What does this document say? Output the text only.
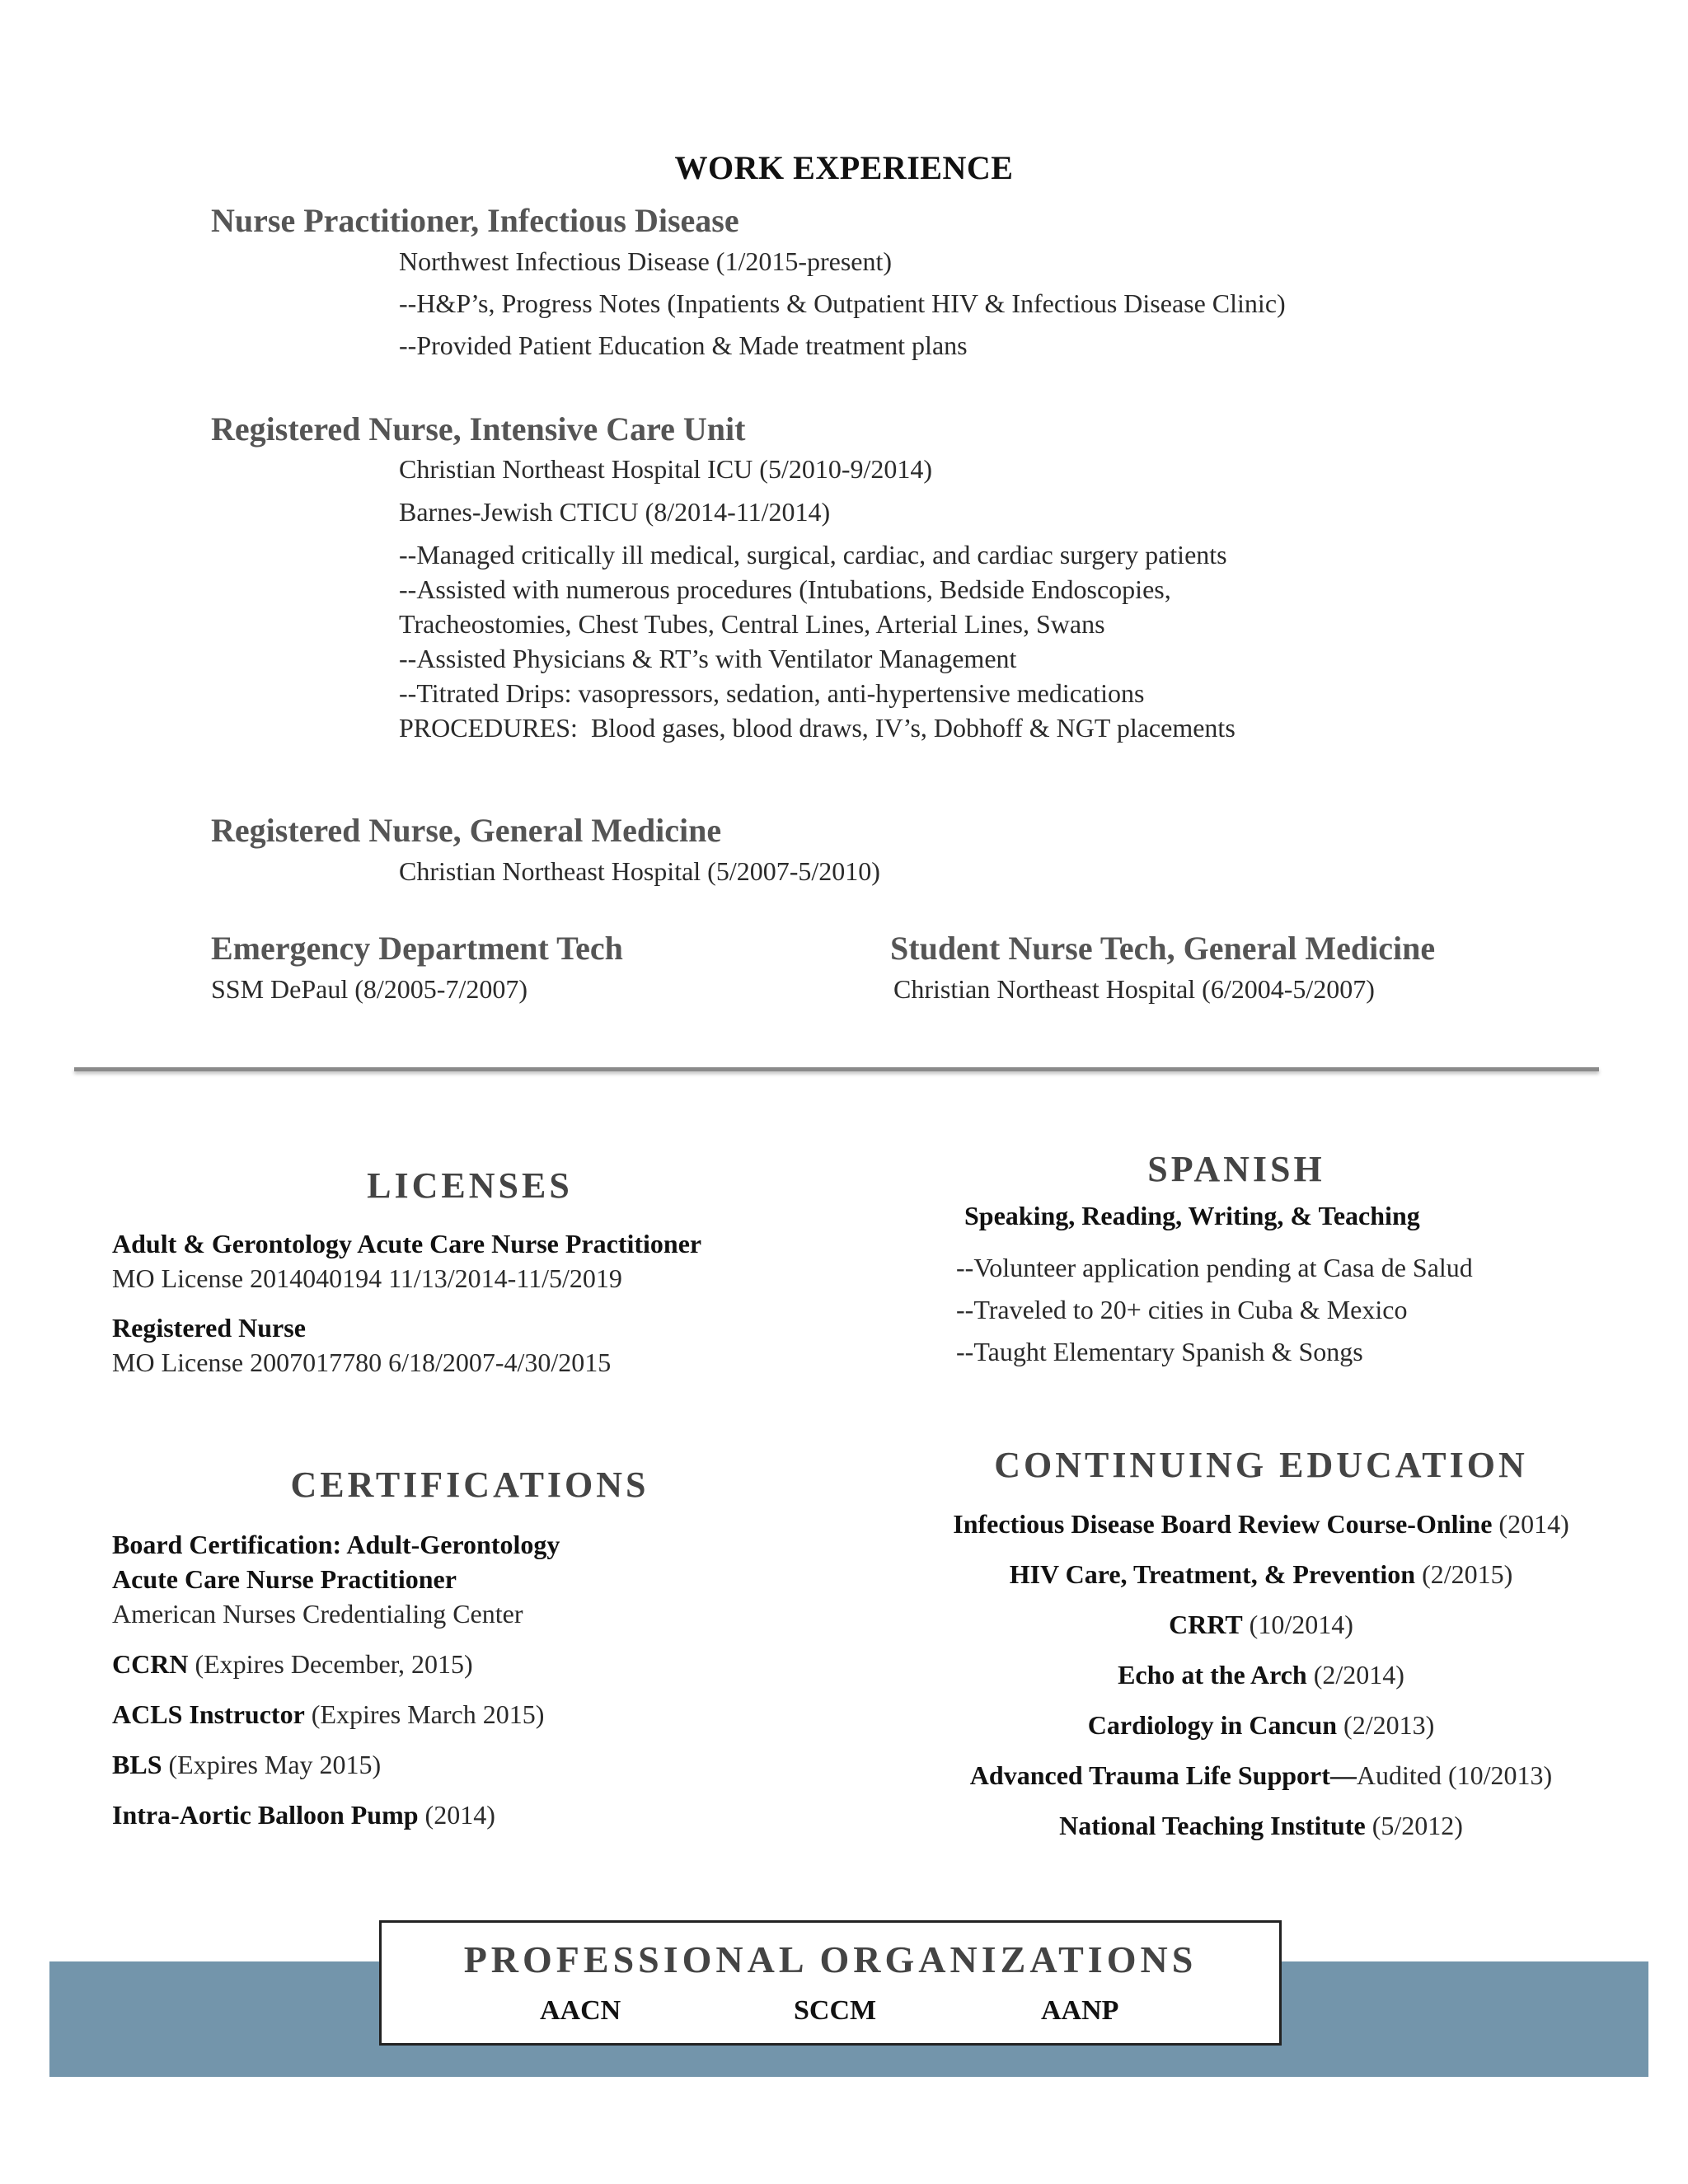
WORK EXPERIENCE
Nurse Practitioner, Infectious Disease
Northwest Infectious Disease (1/2015-present)
--H&P’s, Progress Notes (Inpatients & Outpatient HIV & Infectious Disease Clinic)
--Provided Patient Education & Made treatment plans
Registered Nurse, Intensive Care Unit
Christian Northeast Hospital ICU (5/2010-9/2014)
Barnes-Jewish CTICU (8/2014-11/2014)
--Managed critically ill medical, surgical, cardiac, and cardiac surgery patients
--Assisted with numerous procedures (Intubations, Bedside Endoscopies,
Tracheostomies, Chest Tubes, Central Lines, Arterial Lines, Swans
--Assisted Physicians & RT’s with Ventilator Management
--Titrated Drips: vasopressors, sedation, anti-hypertensive medications
PROCEDURES:  Blood gases, blood draws, IV’s, Dobhoff & NGT placements
Registered Nurse, General Medicine
Christian Northeast Hospital (5/2007-5/2010)
Emergency Department Tech
SSM DePaul (8/2005-7/2007)
Student Nurse Tech, General Medicine
Christian Northeast Hospital (6/2004-5/2007)
LICENSES
Adult & Gerontology Acute Care Nurse Practitioner
MO License 2014040194 11/13/2014-11/5/2019
Registered Nurse
MO License 2007017780 6/18/2007-4/30/2015
SPANISH
Speaking, Reading, Writing, & Teaching
--Volunteer application pending at Casa de Salud
--Traveled to 20+ cities in Cuba & Mexico
--Taught Elementary Spanish & Songs
CERTIFICATIONS
Board Certification: Adult-Gerontology
Acute Care Nurse Practitioner
American Nurses Credentialing Center
CCRN (Expires December, 2015)
ACLS Instructor (Expires March 2015)
BLS (Expires May 2015)
Intra-Aortic Balloon Pump (2014)
CONTINUING EDUCATION
Infectious Disease Board Review Course-Online (2014)
HIV Care, Treatment, & Prevention (2/2015)
CRRT (10/2014)
Echo at the Arch (2/2014)
Cardiology in Cancun (2/2013)
Advanced Trauma Life Support—Audited (10/2013)
National Teaching Institute (5/2012)
PROFESSIONAL ORGANIZATIONS
AACN	SCCM	AANP
